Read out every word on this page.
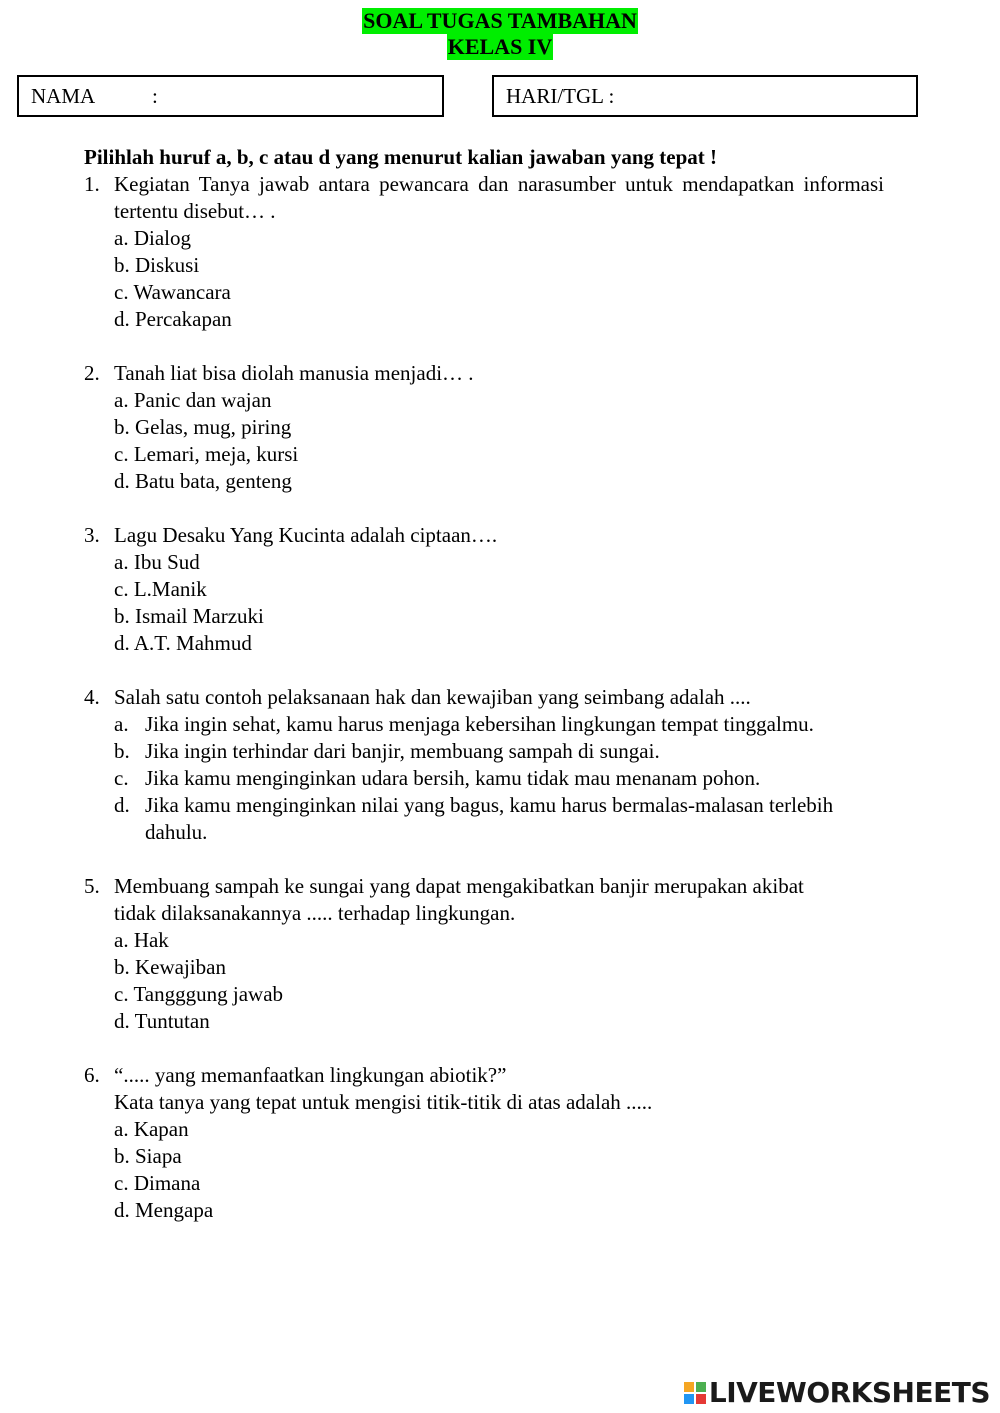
SOAL TUGAS TAMBAHAN
KELAS IV
NAMA	:	HARI/TGL :
Pilihlah huruf a, b, c atau d yang menurut kalian jawaban yang tepat !
1. Kegiatan Tanya jawab antara pewancara dan narasumber untuk mendapatkan informasi tertentu disebut… .
a. Dialog
b. Diskusi
c. Wawancara
d. Percakapan
2. Tanah liat bisa diolah manusia menjadi… .
a. Panic dan wajan
b. Gelas, mug, piring
c. Lemari, meja, kursi
d. Batu bata, genteng
3. Lagu Desaku Yang Kucinta adalah ciptaan….
a. Ibu Sud
c. L.Manik
b. Ismail Marzuki
d. A.T. Mahmud
4. Salah satu contoh pelaksanaan hak dan kewajiban yang seimbang adalah ....
a. Jika ingin sehat, kamu harus menjaga kebersihan lingkungan tempat tinggalmu.
b. Jika ingin terhindar dari banjir, membuang sampah di sungai.
c. Jika kamu menginginkan udara bersih, kamu tidak mau menanam pohon.
d. Jika kamu menginginkan nilai yang bagus, kamu harus bermalas-malasan terlebih dahulu.
5. Membuang sampah ke sungai yang dapat mengakibatkan banjir merupakan akibat tidak dilaksanakannya ..... terhadap lingkungan.
a. Hak
b. Kewajiban
c. Tangggung jawab
d. Tuntutan
6. “..... yang memanfaatkan lingkungan abiotik?”
Kata tanya yang tepat untuk mengisi titik-titik di atas adalah .....
a. Kapan
b. Siapa
c. Dimana
d. Mengapa
LIVEWORKSHEETS
